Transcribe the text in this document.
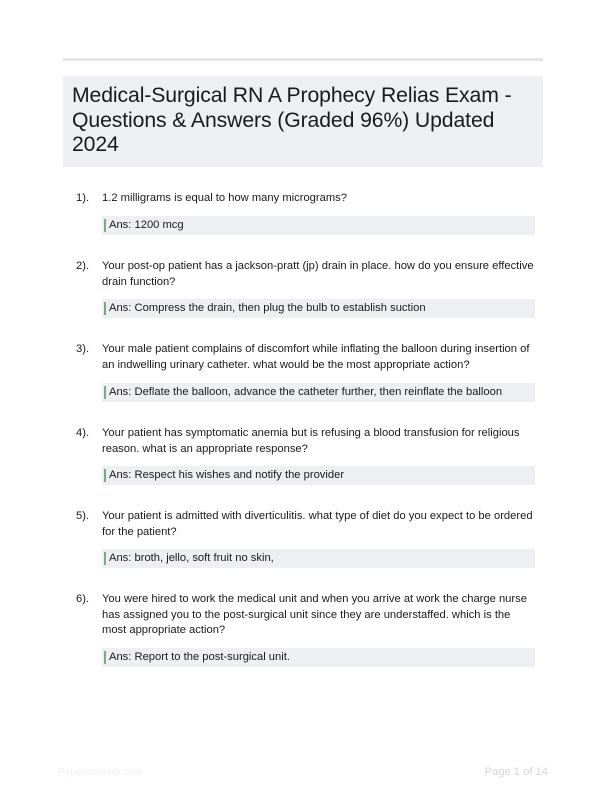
Medical-Surgical RN A Prophecy Relias Exam - Questions & Answers (Graded 96%) Updated 2024
1). 1.2 milligrams is equal to how many micrograms?
Ans: 1200 mcg
2). Your post-op patient has a jackson-pratt (jp) drain in place. how do you ensure effective drain function?
Ans: Compress the drain, then plug the bulb to establish suction
3). Your male patient complains of discomfort while inflating the balloon during insertion of an indwelling urinary catheter. what would be the most appropriate action?
Ans: Deflate the balloon, advance the catheter further, then reinflate the balloon
4). Your patient has symptomatic anemia but is refusing a blood transfusion for religious reason. what is an appropriate response?
Ans: Respect his wishes and notify the provider
5). Your patient is admitted with diverticulitis. what type of diet do you expect to be ordered for the patient?
Ans: broth, jello, soft fruit no skin,
6). You were hired to work the medical unit and when you arrive at work the charge nurse has assigned you to the post-surgical unit since they are understaffed. which is the most appropriate action?
Ans: Report to the post-surgical unit.
Paperlibrarian.com	Page 1 of 14
